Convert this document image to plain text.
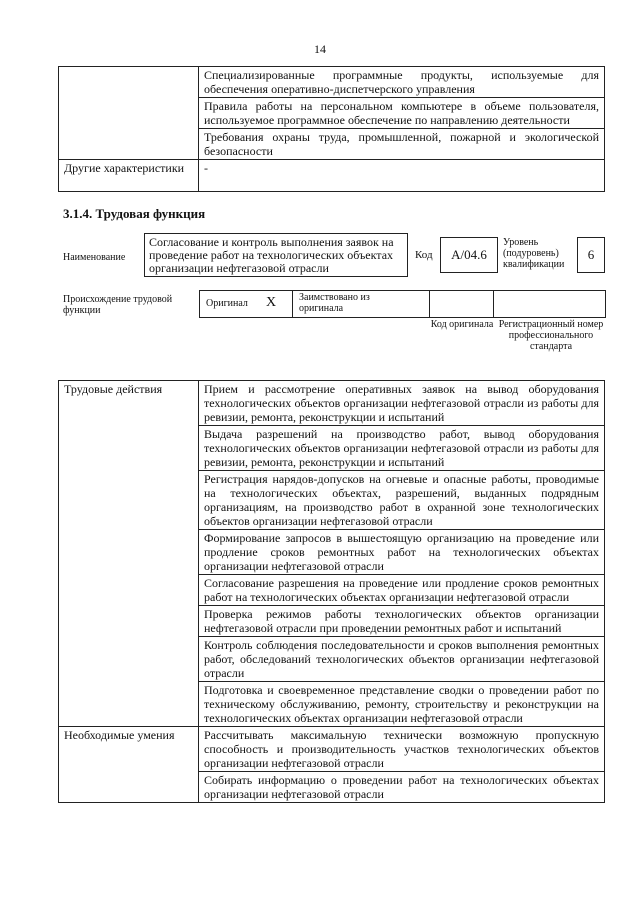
14
	Специализированные программные продукты, используемые для обеспечения оперативно-диспетчерского управления
	Правила работы на персональном компьютере в объеме пользователя, используемое программное обеспечение по направлению деятельности
	Требования охраны труда, промышленной, пожарной и экологической безопасности
Другие характеристики	-
3.1.4. Трудовая функция
Наименование
Согласование и контроль выполнения заявок на проведение работ на технологических объектах организации нефтегазовой отрасли
Код	А/04.6
Уровень (подуровень) квалификации
6
Происхождение трудовой функции
Оригинал X Заимствовано из оригинала
Код оригинала Регистрационный номер профессионального стандарта
Трудовые действия	Прием и рассмотрение оперативных заявок на вывод оборудования технологических объектов организации нефтегазовой отрасли из работы для ревизии, ремонта, реконструкции и испытаний
	Выдача разрешений на производство работ, вывод оборудования технологических объектов организации нефтегазовой отрасли из работы для ревизии, ремонта, реконструкции и испытаний
	Регистрация нарядов-допусков на огневые и опасные работы, проводимые на технологических объектах, разрешений, выданных подрядным организациям, на производство работ в охранной зоне технологических объектов организации нефтегазовой отрасли
	Формирование запросов в вышестоящую организацию на проведение или продление сроков ремонтных работ на технологических объектах организации нефтегазовой отрасли
	Согласование разрешения на проведение или продление сроков ремонтных работ на технологических объектах организации нефтегазовой отрасли
	Проверка режимов работы технологических объектов организации нефтегазовой отрасли при проведении ремонтных работ и испытаний
	Контроль соблюдения последовательности и сроков выполнения ремонтных работ, обследований технологических объектов организации нефтегазовой отрасли
	Подготовка и своевременное представление сводки о проведении работ по техническому обслуживанию, ремонту, строительству и реконструкции на технологических объектах организации нефтегазовой отрасли
Необходимые умения	Рассчитывать максимальную технически возможную пропускную способность и производительность участков технологических объектов организации нефтегазовой отрасли
	Собирать информацию о проведении работ на технологических объектах организации нефтегазовой отрасли
